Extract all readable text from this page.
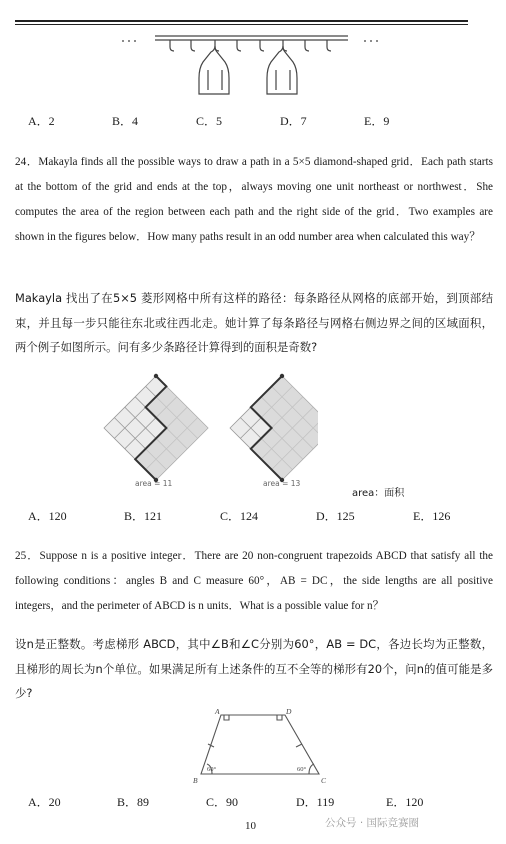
A．2	B．4	C．5	D．7	E．9
24．Makayla finds all the possible ways to draw a path in a 5×5 diamond-shaped grid．Each path starts at the bottom of the grid and ends at the top，always moving one unit northeast or northwest．She computes the area of the region between each path and the right side of the grid．Two examples are shown in the figures below．How many paths result in an odd number area when calculated this way？
Makayla 找出了在5×5 菱形网格中所有这样的路径：每条路径从网格的底部开始，到顶部结束，并且每一步只能往东北或往西北走。她计算了每条路径与网格右侧边界之间的区域面积，两个例子如图所示。问有多少条路径计算得到的面积是奇数?
area = 11	area = 13
area：面积
A．120	B．121	C．124	D．125	E．126
25．Suppose n is a positive integer．There are 20 non-congruent trapezoids ABCD that satisfy all the following conditions：angles B and C measure 60°，AB = DC，the side lengths are all positive integers，and the perimeter of ABCD is n units．What is a possible value for n？
设n是正整数。考虑梯形 ABCD，其中∠B和∠C分别为60°，AB = DC，各边长均为正整数，且梯形的周长为n个单位。如果满足所有上述条件的互不全等的梯形有20个，问n的值可能是多少?
A	D
B	C
60°	60°
A．20	B．89	C．90	D．119	E．120
10	公众号 · 国际竞赛圈
